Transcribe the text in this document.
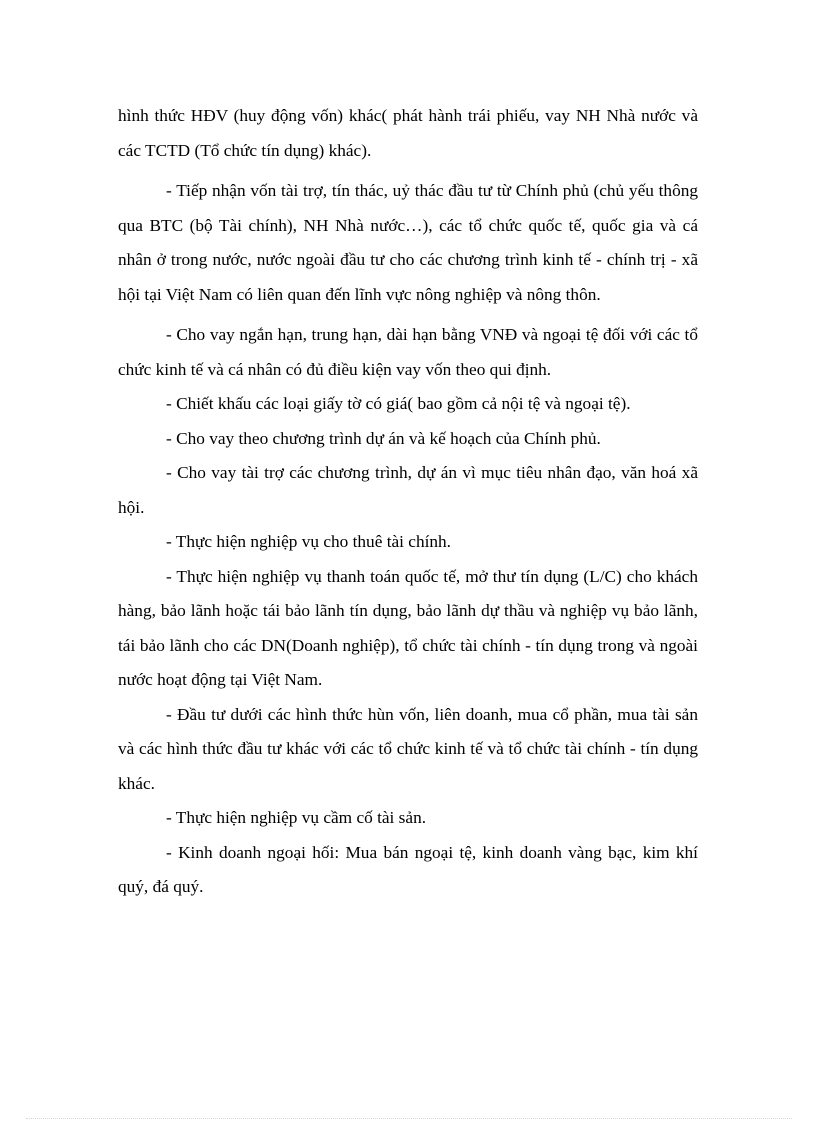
hình thức HĐV (huy động vốn) khác( phát hành trái phiếu, vay NH Nhà nước và các TCTD (Tổ chức tín dụng) khác).

- Tiếp nhận vốn tài trợ, tín thác, uỷ thác đầu tư từ Chính phủ (chủ yếu thông qua BTC (bộ Tài chính), NH Nhà nước…), các tổ chức quốc tế, quốc gia và cá nhân ở trong nước, nước ngoài đầu tư cho các chương trình kinh tế - chính trị - xã hội tại Việt Nam có liên quan đến lĩnh vực nông nghiệp và nông thôn.

- Cho vay ngắn hạn, trung hạn, dài hạn bằng VNĐ và ngoại tệ đối với các tổ chức kinh tế và cá nhân có đủ điều kiện vay vốn theo qui định.

- Chiết khấu các loại giấy tờ có giá( bao gồm cả nội tệ và ngoại tệ).

- Cho vay theo chương trình dự án và kế hoạch của Chính phủ.

- Cho vay tài trợ các chương trình, dự án vì mục tiêu nhân đạo, văn hoá xã hội.

- Thực hiện nghiệp vụ cho thuê tài chính.

- Thực hiện nghiệp vụ thanh toán quốc tế, mở thư tín dụng (L/C) cho khách hàng, bảo lãnh hoặc tái bảo lãnh tín dụng, bảo lãnh dự thầu và nghiệp vụ bảo lãnh, tái bảo lãnh cho các DN(Doanh nghiệp), tổ chức tài chính - tín dụng trong và ngoài nước hoạt động tại Việt Nam.

- Đầu tư dưới các hình thức hùn vốn, liên doanh, mua cổ phần, mua tài sản và các hình thức đầu tư khác với các tổ chức kinh tế và tổ chức tài chính - tín dụng khác.

- Thực hiện nghiệp vụ cầm cố tài sản.

- Kinh doanh ngoại hối: Mua bán ngoại tệ, kinh doanh vàng bạc, kim khí quý, đá quý.
